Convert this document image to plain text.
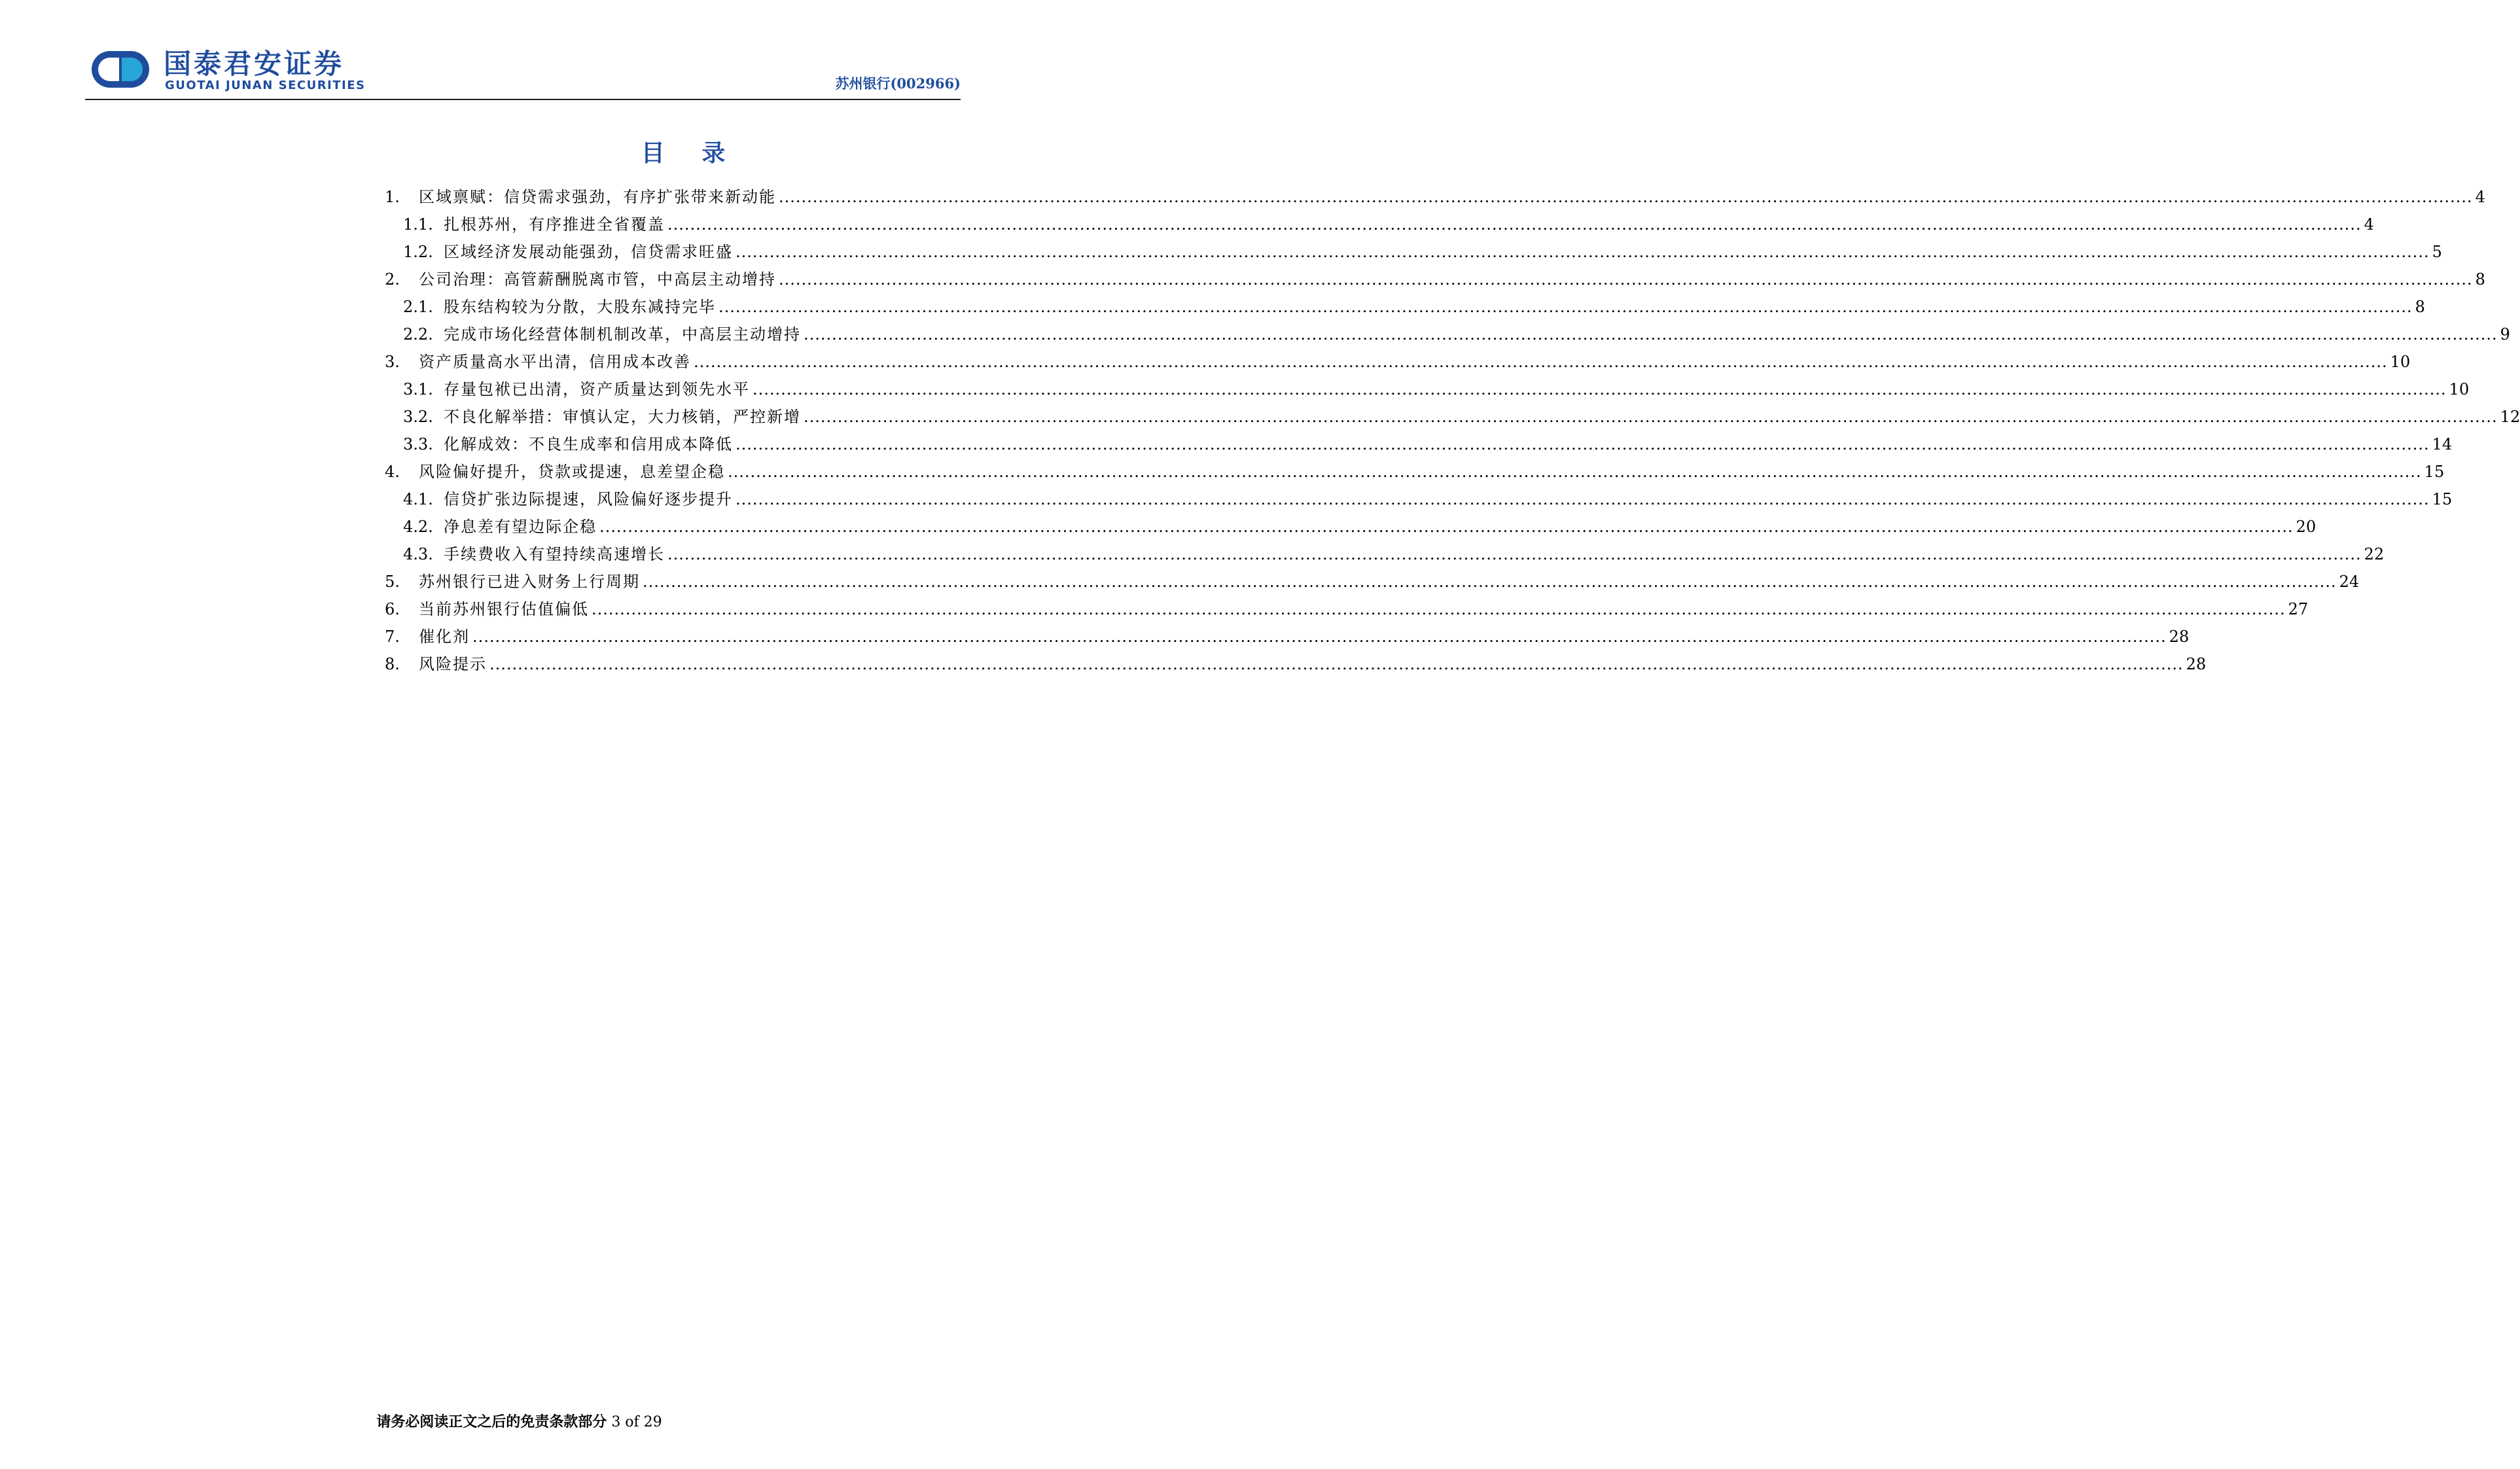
国泰君安证券
GUOTAI JUNAN SECURITIES	苏州银行(002966)
目 录
1.	区域禀赋：信贷需求强劲，有序扩张带来新动能 ............................................................................................................................................................................................................................................................................................................ 4
1.1. 扎根苏州，有序推进全省覆盖 ............................................................................................................................................................................................................................................................................................................ 4
1.2. 区域经济发展动能强劲，信贷需求旺盛 ............................................................................................................................................................................................................................................................................................................ 5
2.	公司治理：高管薪酬脱离市管，中高层主动增持 ............................................................................................................................................................................................................................................................................................................ 8
2.1. 股东结构较为分散，大股东减持完毕 ............................................................................................................................................................................................................................................................................................................ 8
2.2. 完成市场化经营体制机制改革，中高层主动增持 ............................................................................................................................................................................................................................................................................................................ 9
3.	资产质量高水平出清，信用成本改善 ............................................................................................................................................................................................................................................................................................................ 10
3.1. 存量包袱已出清，资产质量达到领先水平 ............................................................................................................................................................................................................................................................................................................ 10
3.2. 不良化解举措：审慎认定，大力核销，严控新增 ............................................................................................................................................................................................................................................................................................................ 12
3.3. 化解成效：不良生成率和信用成本降低 ............................................................................................................................................................................................................................................................................................................ 14
4.	风险偏好提升，贷款或提速，息差望企稳 ............................................................................................................................................................................................................................................................................................................ 15
4.1. 信贷扩张边际提速，风险偏好逐步提升 ............................................................................................................................................................................................................................................................................................................ 15
4.2. 净息差有望边际企稳 ............................................................................................................................................................................................................................................................................................................ 20
4.3. 手续费收入有望持续高速增长 ............................................................................................................................................................................................................................................................................................................ 22
5.	苏州银行已进入财务上行周期 ............................................................................................................................................................................................................................................................................................................ 24
6.	当前苏州银行估值偏低 ............................................................................................................................................................................................................................................................................................................ 27
7.	催化剂 ............................................................................................................................................................................................................................................................................................................ 28
8.	风险提示 ............................................................................................................................................................................................................................................................................................................ 28
请务必阅读正文之后的免责条款部分 3 of 29
